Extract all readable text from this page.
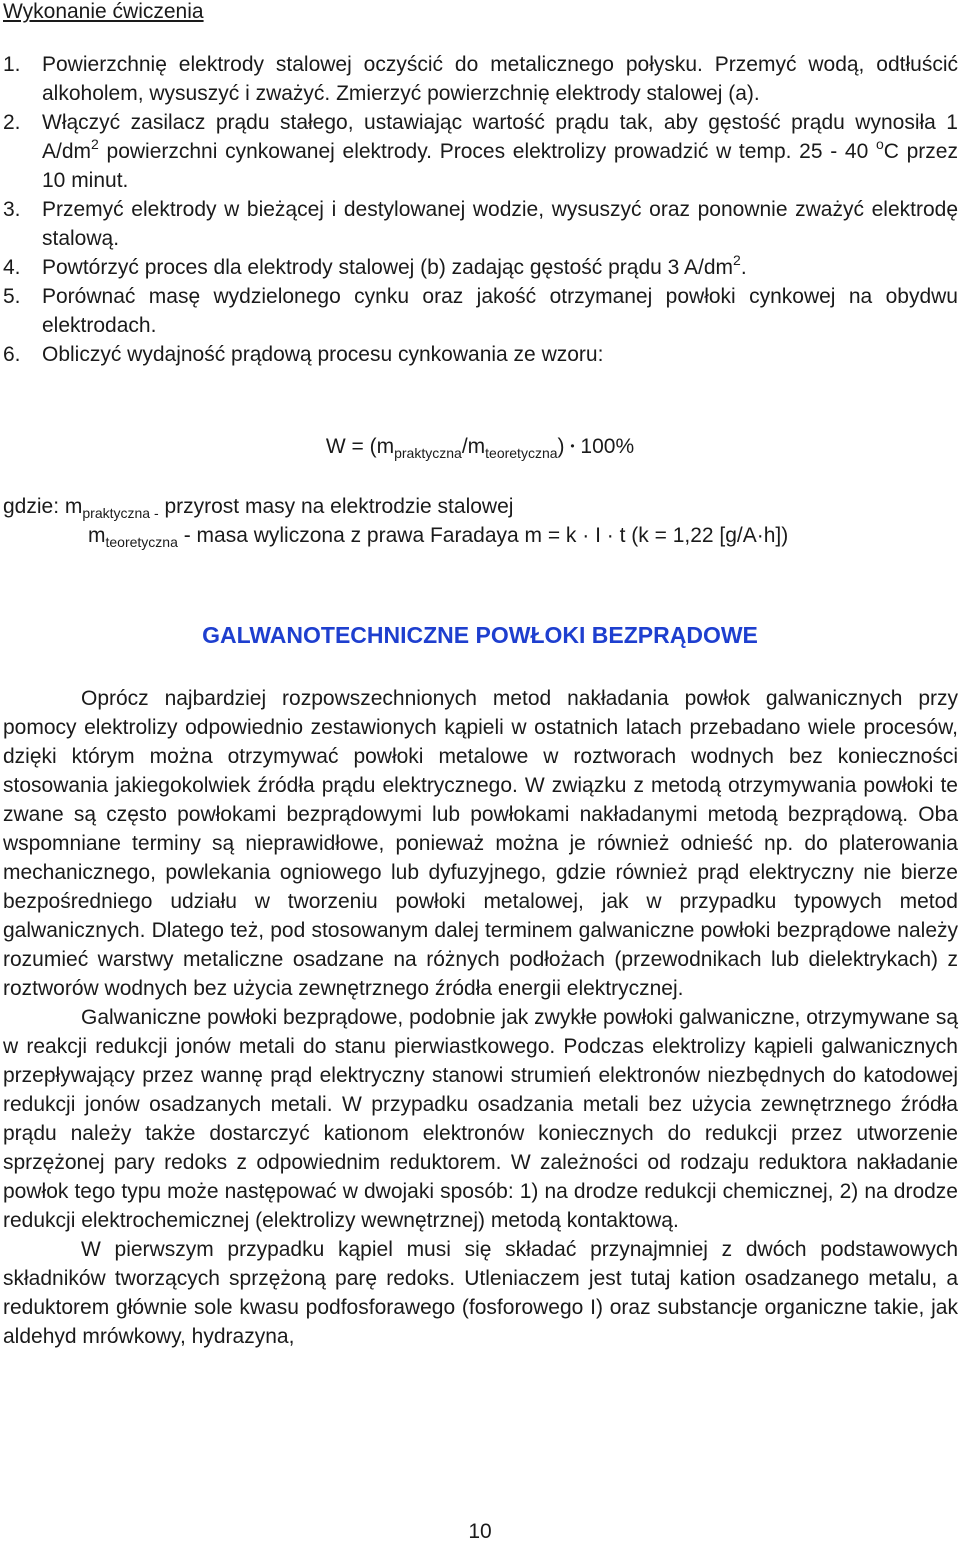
Wykonanie ćwiczenia
1. Powierzchnię elektrody stalowej oczyścić do metalicznego połysku. Przemyć wodą, odtłuścić alkoholem, wysuszyć i zważyć. Zmierzyć powierzchnię elektrody stalowej (a).
2. Włączyć zasilacz prądu stałego, ustawiając wartość prądu tak, aby gęstość prądu wynosiła 1 $A/dm^2$ powierzchni cynkowanej elektrody. Proces elektrolizy prowadzić w temp. 25 - 40 $^o$C przez 10 minut.
3. Przemyć elektrody w bieżącej i destylowanej wodzie, wysuszyć oraz ponownie zważyć elektrodę stalową.
4. Powtórzyć proces dla elektrody stalowej (b) zadając gęstość prądu 3 $A/dm^2$.
5. Porównać masę wydzielonego cynku oraz jakość otrzymanej powłoki cynkowej na obydwu elektrodach.
6. Obliczyć wydajność prądową procesu cynkowania ze wzoru:
$W = (m_{praktyczna}/m_{teoretyczna})$ • 100%
gdzie: $m_{praktyczna -}$ przyrost masy na elektrodzie stalowej
$m_{teoretyczna}$ - masa wyliczona z prawa Faradaya m = k · I · t (k = 1,22 [g/A·h])
GALWANOTECHNICZNE POWŁOKI BEZPRĄDOWE

Oprócz najbardziej rozpowszechnionych metod nakładania powłok galwanicznych przy pomocy elektrolizy odpowiednio zestawionych kąpieli w ostatnich latach przebadano wiele procesów, dzięki którym można otrzymywać powłoki metalowe w roztworach wodnych bez konieczności stosowania jakiegokolwiek źródła prądu elektrycznego. W związku z metodą otrzymywania powłoki te zwane są często powłokami bezprądowymi lub powłokami nakładanymi metodą bezprądową. Oba wspomniane terminy są nieprawidłowe, ponieważ można je również odnieść np. do platerowania mechanicznego, powlekania ogniowego lub dyfuzyjnego, gdzie również prąd elektryczny nie bierze bezpośredniego udziału w tworzeniu powłoki metalowej, jak w przypadku typowych metod galwanicznych. Dlatego też, pod stosowanym dalej terminem galwaniczne powłoki bezprądowe należy rozumieć warstwy metaliczne osadzane na różnych podłożach (przewodnikach lub dielektrykach) z roztworów wodnych bez użycia zewnętrznego źródła energii elektrycznej.

Galwaniczne powłoki bezprądowe, podobnie jak zwykłe powłoki galwaniczne, otrzymywane są w reakcji redukcji jonów metali do stanu pierwiastkowego. Podczas elektrolizy kąpieli galwanicznych przepływający przez wannę prąd elektryczny stanowi strumień elektronów niezbędnych do katodowej redukcji jonów osadzanych metali. W przypadku osadzania metali bez użycia zewnętrznego źródła prądu należy także dostarczyć kationom elektronów koniecznych do redukcji przez utworzenie sprzężonej pary redoks z odpowiednim reduktorem. W zależności od rodzaju reduktora nakładanie powłok tego typu może następować w dwojaki sposób: 1) na drodze redukcji chemicznej, 2) na drodze redukcji elektrochemicznej (elektrolizy wewnętrznej) metodą kontaktową.

W pierwszym przypadku kąpiel musi się składać przynajmniej z dwóch podstawowych składników tworzących sprzężoną parę redoks. Utleniaczem jest tutaj kation osadzanego metalu, a reduktorem głównie sole kwasu podfosforawego (fosforowego I) oraz substancje organiczne takie, jak aldehyd mrówkowy, hydrazyna,

10
